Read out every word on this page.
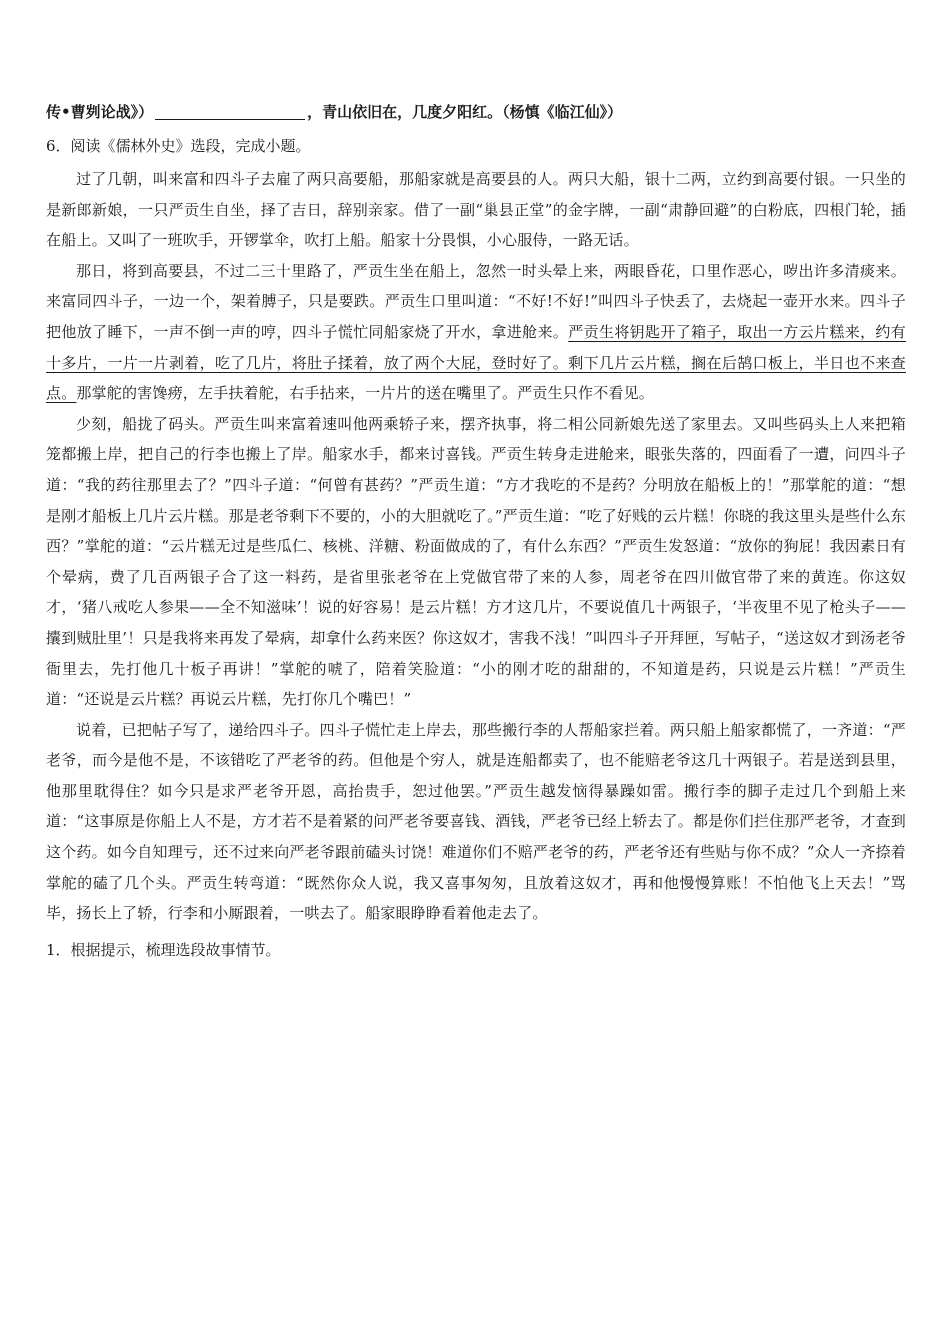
传•曹刿论战》）	，青山依旧在，几度夕阳红。（杨慎《临江仙》）
6．阅读《儒林外史》选段，完成小题。

过了几朝，叫来富和四斗子去雇了两只高要船，那船家就是高要县的人。两只大船，银十二两，立约到高要付银。一只坐的是新郎新娘，一只严贡生自坐，择了吉日，辞别亲家。借了一副“巢县正堂”的金字牌，一副“肃静回避”的白粉底，四根门轮，插在船上。又叫了一班吹手，开锣掌伞，吹打上船。船家十分畏惧，小心服侍，一路无话。

那日，将到高要县，不过二三十里路了，严贡生坐在船上，忽然一时头晕上来，两眼昏花，口里作恶心，哕出许多清痰来。来富同四斗子，一边一个，架着膊子，只是要跌。严贡生口里叫道：“不好!不好!”叫四斗子快丢了，去烧起一壶开水来。四斗子把他放了睡下，一声不倒一声的哼，四斗子慌忙同船家烧了开水，拿进舱来。严贡生将钥匙开了箱子，取出一方云片糕来，约有十多片，一片一片剥着，吃了几片，将肚子揉着，放了两个大屁，登时好了。剩下几片云片糕，搁在后鹄口板上，半日也不来查点。那掌舵的害馋痨，左手扶着舵，右手拈来，一片片的送在嘴里了。严贡生只作不看见。

少刻，船拢了码头。严贡生叫来富着速叫他两乘轿子来，摆齐执事，将二相公同新娘先送了家里去。又叫些码头上人来把箱笼都搬上岸，把自己的行李也搬上了岸。船家水手，都来讨喜钱。严贡生转身走进舱来，眼张失落的，四面看了一遭，问四斗子道：“我的药往那里去了？”四斗子道：“何曾有甚药？”严贡生道：“方才我吃的不是药？分明放在船板上的！”那掌舵的道：“想是刚才船板上几片云片糕。那是老爷剩下不要的，小的大胆就吃了。”严贡生道：“吃了好贱的云片糕！你晓的我这里头是些什么东西？”掌舵的道：“云片糕无过是些瓜仁、核桃、洋糖、粉面做成的了，有什么东西？”严贡生发怒道：“放你的狗屁！我因素日有个晕病，费了几百两银子合了这一料药，是省里张老爷在上党做官带了来的人参，周老爷在四川做官带了来的黄连。你这奴才，‘猪八戒吃人参果——全不知滋味’！说的好容易！是云片糕！方才这几片，不要说值几十两银子，‘半夜里不见了枪头子——攮到贼肚里’！只是我将来再发了晕病，却拿什么药来医？你这奴才，害我不浅！”叫四斗子开拜匣，写帖子，“送这奴才到汤老爷衙里去，先打他几十板子再讲！”掌舵的唬了，陪着笑脸道：“小的刚才吃的甜甜的，不知道是药，只说是云片糕！”严贡生道：“还说是云片糕？再说云片糕，先打你几个嘴巴！”

说着，已把帖子写了，递给四斗子。四斗子慌忙走上岸去，那些搬行李的人帮船家拦着。两只船上船家都慌了，一齐道：“严老爷，而今是他不是，不该错吃了严老爷的药。但他是个穷人，就是连船都卖了，也不能赔老爷这几十两银子。若是送到县里，他那里耽得住？如今只是求严老爷开恩，高抬贵手，恕过他罢。”严贡生越发恼得暴躁如雷。搬行李的脚子走过几个到船上来道：“这事原是你船上人不是，方才若不是着紧的问严老爷要喜钱、酒钱，严老爷已经上轿去了。都是你们拦住那严老爷，才查到这个药。如今自知理亏，还不过来向严老爷跟前磕头讨饶！难道你们不赔严老爷的药，严老爷还有些贴与你不成？”众人一齐捺着掌舵的磕了几个头。严贡生转弯道：“既然你众人说，我又喜事匆匆，且放着这奴才，再和他慢慢算账！不怕他飞上天去！”骂毕，扬长上了轿，行李和小厮跟着，一哄去了。船家眼睁睁看着他走去了。

1．根据提示，梳理选段故事情节。
